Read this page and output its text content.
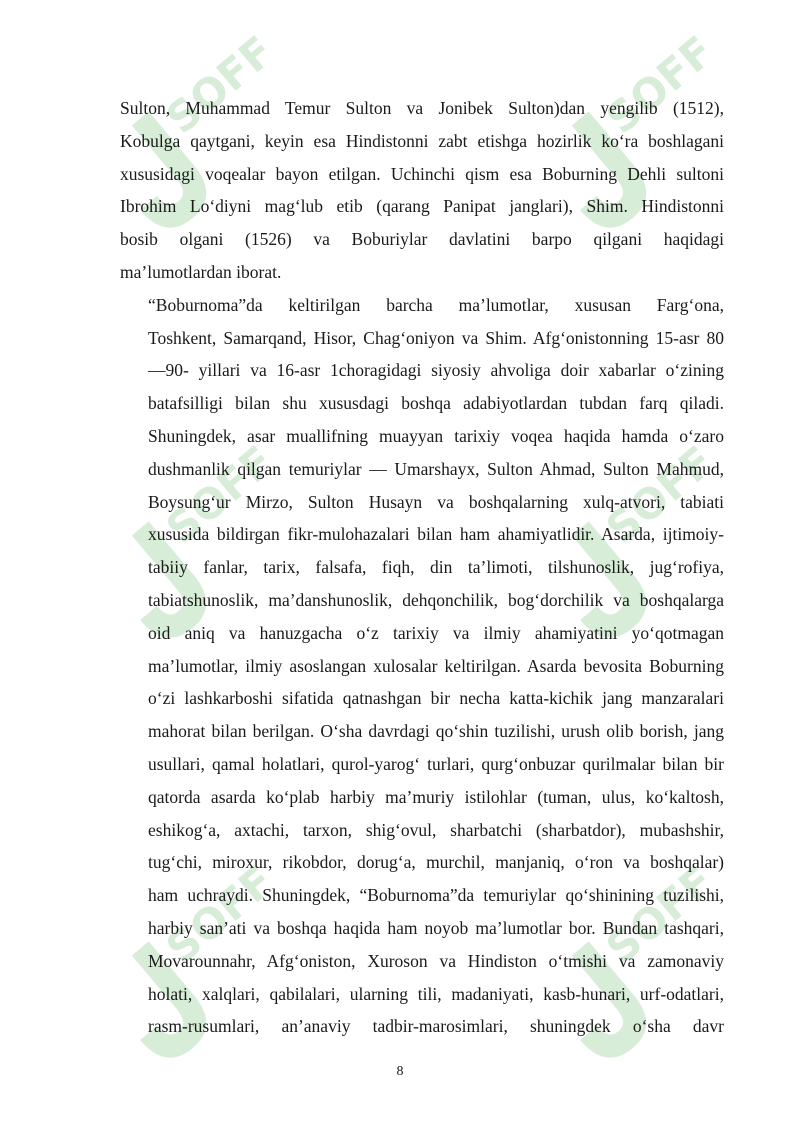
SOFF	SOFF
SOFF	SOFF
SOFF	SOFF

Sulton, Muhammad Temur Sulton va Jonibek Sulton)dan yengilib (1512),
Kobulga qaytgani, keyin esa Hindistonni zabt etishga hozirlik ko‘ra boshlagani
xususidagi voqealar bayon etilgan. Uchinchi qism esa Boburning Dehli sultoni
Ibrohim Lo‘diyni mag‘lub etib (qarang Panipat janglari), Shim. Hindistonni
bosib olgani (1526) va Boburiylar davlatini barpo qilgani haqidagi
ma’lumotlardan iborat.

“Boburnoma”da keltirilgan barcha ma’lumotlar, xususan Farg‘ona,
Toshkent, Samarqand, Hisor, Chag‘oniyon va Shim. Afg‘onistonning 15-asr 80
—90- yillari va 16-asr 1choragidagi siyosiy ahvoliga doir xabarlar o‘zining
batafsilligi bilan shu xususdagi boshqa adabiyotlardan tubdan farq qiladi.
Shuningdek, asar muallifning muayyan tarixiy voqea haqida hamda o‘zaro
dushmanlik qilgan temuriylar — Umarshayx, Sulton Ahmad, Sulton Mahmud,
Boysung‘ur Mirzo, Sulton Husayn va boshqalarning xulq-atvori, tabiati
xususida bildirgan fikr-mulohazalari bilan ham ahamiyatlidir. Asarda, ijtimoiy-
tabiiy fanlar, tarix, falsafa, fiqh, din ta’limoti, tilshunoslik, jug‘rofiya,
tabiatshunoslik, ma’danshunoslik, dehqonchilik, bog‘dorchilik va boshqalarga
oid aniq va hanuzgacha o‘z tarixiy va ilmiy ahamiyatini yo‘qotmagan
ma’lumotlar, ilmiy asoslangan xulosalar keltirilgan. Asarda bevosita Boburning
o‘zi lashkarboshi sifatida qatnashgan bir necha katta-kichik jang manzaralari
mahorat bilan berilgan. O‘sha davrdagi qo‘shin tuzilishi, urush olib borish, jang
usullari, qamal holatlari, qurol-yarog‘ turlari, qurg‘onbuzar qurilmalar bilan bir
qatorda asarda ko‘plab harbiy ma’muriy istilohlar (tuman, ulus, ko‘kaltosh,
eshikog‘a, axtachi, tarxon, shig‘ovul, sharbatchi (sharbatdor), mubashshir,
tug‘chi, miroxur, rikobdor, dorug‘a, murchil, manjaniq, o‘ron va boshqalar)
ham uchraydi. Shuningdek, “Boburnoma”da temuriylar qo‘shinining tuzilishi,
harbiy san’ati va boshqa haqida ham noyob ma’lumotlar bor. Bundan tashqari,
Movarounnahr, Afg‘oniston, Xuroson va Hindiston o‘tmishi va zamonaviy
holati, xalqlari, qabilalari, ularning tili, madaniyati, kasb-hunari, urf-odatlari,
rasm-rusumlari, an’anaviy tadbir-marosimlari, shuningdek o‘sha davr

8
